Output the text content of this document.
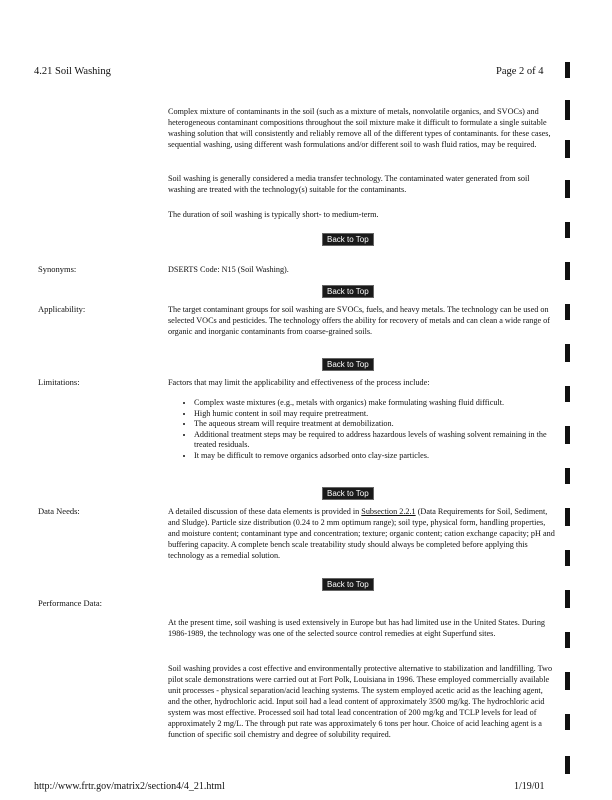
4.21 Soil Washing	Page 2 of 4

Complex mixture of contaminants in the soil (such as a mixture of metals, nonvolatile organics, and SVOCs) and heterogeneous contaminant compositions throughout the soil mixture make it difficult to formulate a single suitable washing solution that will consistently and reliably remove all of the different types of contaminants. for these cases, sequential washing, using different wash formulations and/or different soil to wash fluid ratios, may be required.

Soil washing is generally considered a media transfer technology. The contaminated water generated from soil washing are treated with the technology(s) suitable for the contaminants.

The duration of soil washing is typically short- to medium-term.

Back to Top
Synonyms:	DSERTS Code: N15 (Soil Washing).

Back to Top
Applicability:	The target contaminant groups for soil washing are SVOCs, fuels, and heavy metals. The technology can be used on selected VOCs and pesticides. The technology offers the ability for recovery of metals and can clean a wide range of organic and inorganic contaminants from coarse-grained soils.

Back to Top
Limitations:	Factors that may limit the applicability and effectiveness of the process include:

• Complex waste mixtures (e.g., metals with organics) make formulating washing fluid difficult.
• High humic content in soil may require pretreatment.
• The aqueous stream will require treatment at demobilization.
• Additional treatment steps may be required to address hazardous levels of washing solvent remaining in the treated residuals.
• It may be difficult to remove organics adsorbed onto clay-size particles.
Back to Top
Data Needs:	A detailed discussion of these data elements is provided in Subsection 2.2.1 (Data Requirements for Soil, Sediment, and Sludge). Particle size distribution (0.24 to 2 mm optimum range); soil type, physical form, handling properties, and moisture content; contaminant type and concentration; texture; organic content; cation exchange capacity; pH and buffering capacity. A complete bench scale treatability study should always be completed before applying this technology as a remedial solution.

Back to Top
Performance Data:

At the present time, soil washing is used extensively in Europe but has had limited use in the United States. During 1986-1989, the technology was one of the selected source control remedies at eight Superfund sites.

Soil washing provides a cost effective and environmentally protective alternative to stabilization and landfilling. Two pilot scale demonstrations were carried out at Fort Polk, Louisiana in 1996. These employed commercially available unit processes - physical separation/acid leaching systems. The system employed acetic acid as the leaching agent, and the other, hydrochloric acid. Input soil had a lead content of approximately 3500 mg/kg. The hydrochloric acid system was most effective. Processed soil had total lead concentration of 200 mg/kg and TCLP levels for lead of approximately 2 mg/L. The through put rate was approximately 6 tons per hour. Choice of acid leaching agent is a function of specific soil chemistry and degree of solubility required.

http://www.frtr.gov/matrix2/section4/4_21.html	1/19/01
